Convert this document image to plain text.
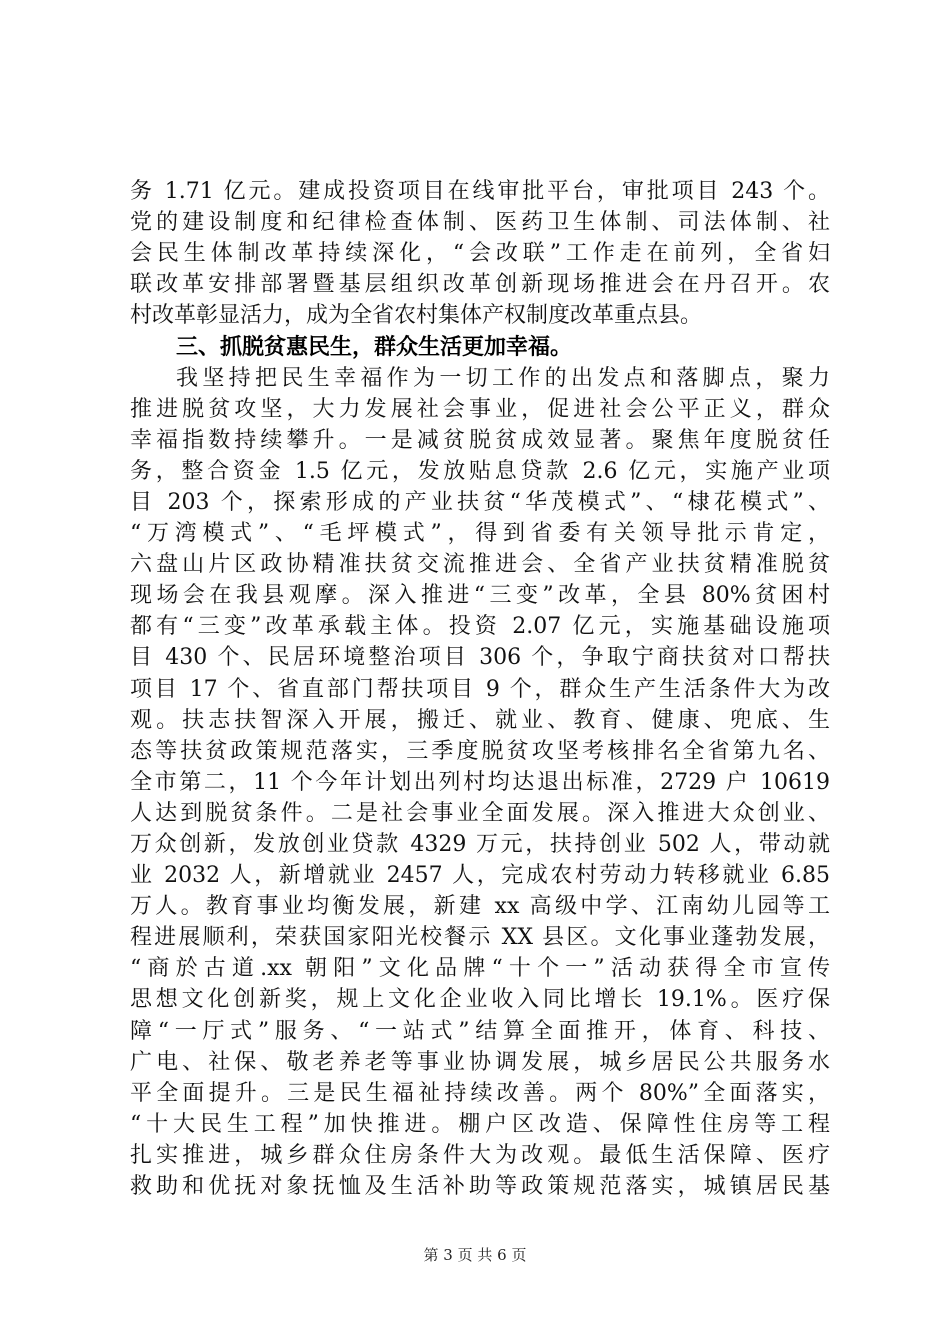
务 1.71 亿元。建成投资项目在线审批平台，审批项目 243 个。
党的建设制度和纪律检查体制、医药卫生体制、司法体制、社
会民生体制改革持续深化，“会改联”工作走在前列，全省妇
联改革安排部署暨基层组织改革创新现场推进会在丹召开。农
村改革彰显活力，成为全省农村集体产权制度改革重点县。
三、抓脱贫惠民生，群众生活更加幸福。
我坚持把民生幸福作为一切工作的出发点和落脚点，聚力
推进脱贫攻坚，大力发展社会事业，促进社会公平正义，群众
幸福指数持续攀升。一是减贫脱贫成效显著。聚焦年度脱贫任
务，整合资金 1.5 亿元，发放贴息贷款 2.6 亿元，实施产业项
目 203 个，探索形成的产业扶贫“华茂模式”、“棣花模式”、
“万湾模式”、“毛坪模式”，得到省委有关领导批示肯定，
六盘山片区政协精准扶贫交流推进会、全省产业扶贫精准脱贫
现场会在我县观摩。深入推进“三变”改革，全县 80%贫困村
都有“三变”改革承载主体。投资 2.07 亿元，实施基础设施项
目 430 个、民居环境整治项目 306 个，争取宁商扶贫对口帮扶
项目 17 个、省直部门帮扶项目 9 个，群众生产生活条件大为改
观。扶志扶智深入开展，搬迁、就业、教育、健康、兜底、生
态等扶贫政策规范落实，三季度脱贫攻坚考核排名全省第九名、
全市第二，11 个今年计划出列村均达退出标准，2729 户 10619
人达到脱贫条件。二是社会事业全面发展。深入推进大众创业、
万众创新，发放创业贷款 4329 万元，扶持创业 502 人，带动就
业 2032 人，新增就业 2457 人，完成农村劳动力转移就业 6.85
万人。教育事业均衡发展，新建 xx 高级中学、江南幼儿园等工
程进展顺利，荣获国家阳光校餐示 XX 县区。文化事业蓬勃发展，
“商於古道.xx 朝阳”文化品牌“十个一”活动获得全市宣传
思想文化创新奖，规上文化企业收入同比增长 19.1%。医疗保
障“一厅式”服务、“一站式”结算全面推开，体育、科技、
广电、社保、敬老养老等事业协调发展，城乡居民公共服务水
平全面提升。三是民生福祉持续改善。两个 80%”全面落实，
“十大民生工程”加快推进。棚户区改造、保障性住房等工程
扎实推进，城乡群众住房条件大为改观。最低生活保障、医疗
救助和优抚对象抚恤及生活补助等政策规范落实，城镇居民基
第 3 页 共 6 页
